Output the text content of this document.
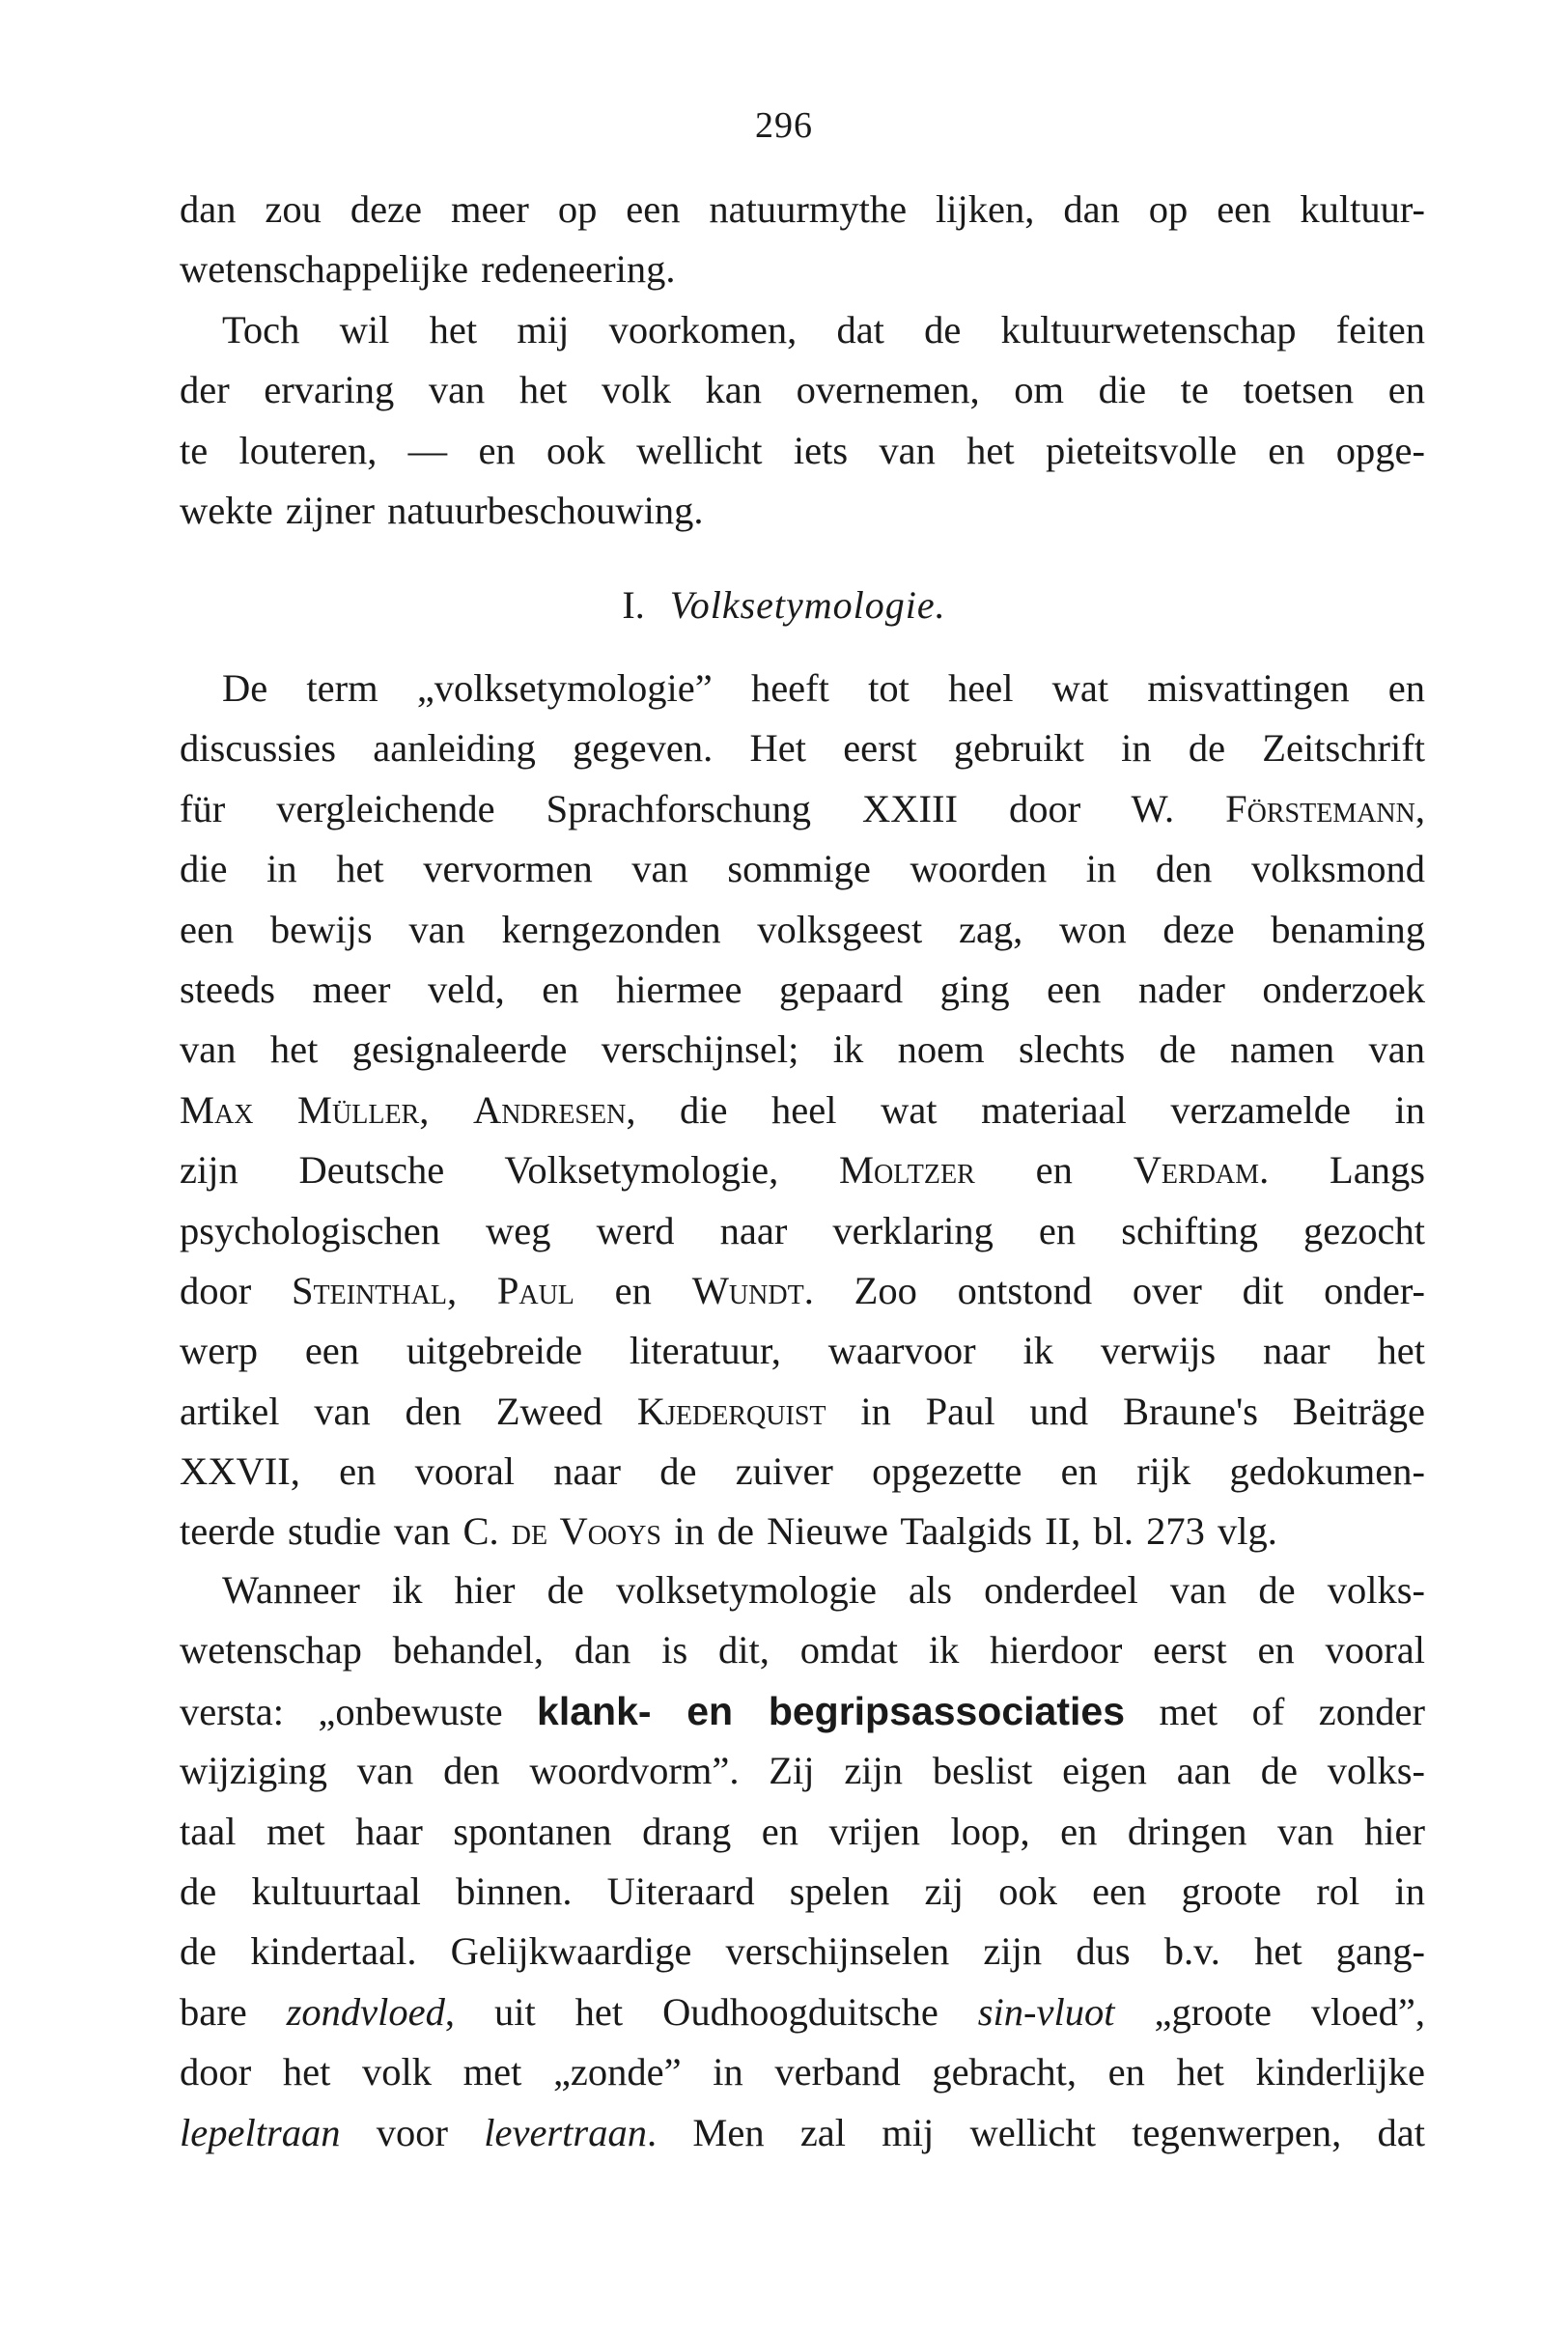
296
dan zou deze meer op een natuurmythe lijken, dan op een kultuur-
wetenschappelijke redeneering.
Toch wil het mij voorkomen, dat de kultuurwetenschap feiten
der ervaring van het volk kan overnemen, om die te toetsen en
te louteren, — en ook wellicht iets van het pieteitsvolle en opge-
wekte zijner natuurbeschouwing.
I. Volksetymologie.
De term „volksetymologie” heeft tot heel wat misvattingen en
discussies aanleiding gegeven. Het eerst gebruikt in de Zeitschrift
für vergleichende Sprachforschung XXIII door W. Förstemann,
die in het vervormen van sommige woorden in den volksmond
een bewijs van kerngezonden volksgeest zag, won deze benaming
steeds meer veld, en hiermee gepaard ging een nader onderzoek
van het gesignaleerde verschijnsel; ik noem slechts de namen van
Max Müller, Andresen, die heel wat materiaal verzamelde in
zijn Deutsche Volksetymologie, Moltzer en Verdam. Langs
psychologischen weg werd naar verklaring en schifting gezocht
door Steinthal, Paul en Wundt. Zoo ontstond over dit onder-
werp een uitgebreide literatuur, waarvoor ik verwijs naar het
artikel van den Zweed Kjederquist in Paul und Braune's Beiträge
XXVII, en vooral naar de zuiver opgezette en rijk gedokumen-
teerde studie van C. de Vooys in de Nieuwe Taalgids II, bl. 273 vlg.
Wanneer ik hier de volksetymologie als onderdeel van de volks-
wetenschap behandel, dan is dit, omdat ik hierdoor eerst en vooral
versta: „onbewuste klank- en begripsassociaties met of zonder
wijziging van den woordvorm”. Zij zijn beslist eigen aan de volks-
taal met haar spontanen drang en vrijen loop, en dringen van hier
de kultuurtaal binnen. Uiteraard spelen zij ook een groote rol in
de kindertaal. Gelijkwaardige verschijnselen zijn dus b.v. het gang-
bare zondvloed, uit het Oudhoogduitsche sin-vluot „groote vloed”,
door het volk met „zonde” in verband gebracht, en het kinderlijke
lepeltraan voor levertraan. Men zal mij wellicht tegenwerpen, dat
